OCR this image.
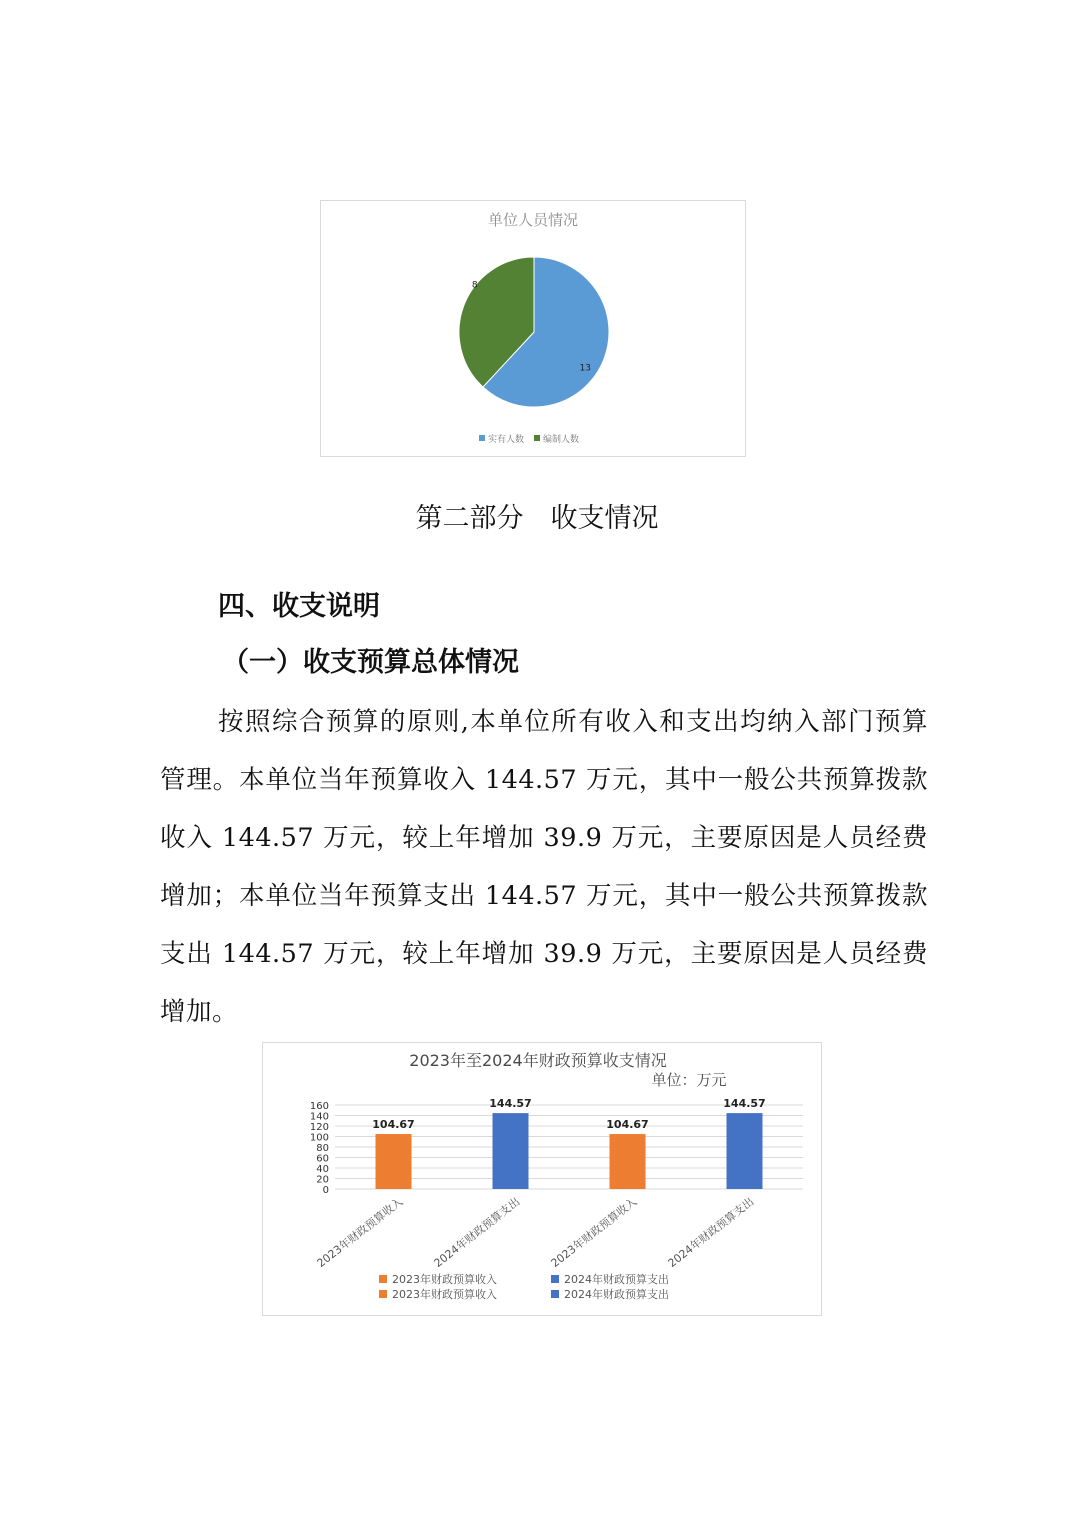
单位人员情况
13
8
实有人数 编制人数
第二部分　收支情况
四、收支说明
（一）收支预算总体情况
按照综合预算的原则,本单位所有收入和支出均纳入部门预算管理。本单位当年预算收入 144.57 万元，其中一般公共预算拨款收入 144.57 万元，较上年增加 39.9 万元，主要原因是人员经费增加；本单位当年预算支出 144.57 万元，其中一般公共预算拨款支出 144.57 万元，较上年增加 39.9 万元，主要原因是人员经费增加。
2023年至2024年财政预算收支情况
单位：万元
0
20
40
60
80
100
120
140
160
104.67
144.57
104.67
144.57
2023年财政预算收入 2024年财政预算支出 2023年财政预算收入 2024年财政预算支出
2023年财政预算收入	2024年财政预算支出
2023年财政预算收入	2024年财政预算支出
